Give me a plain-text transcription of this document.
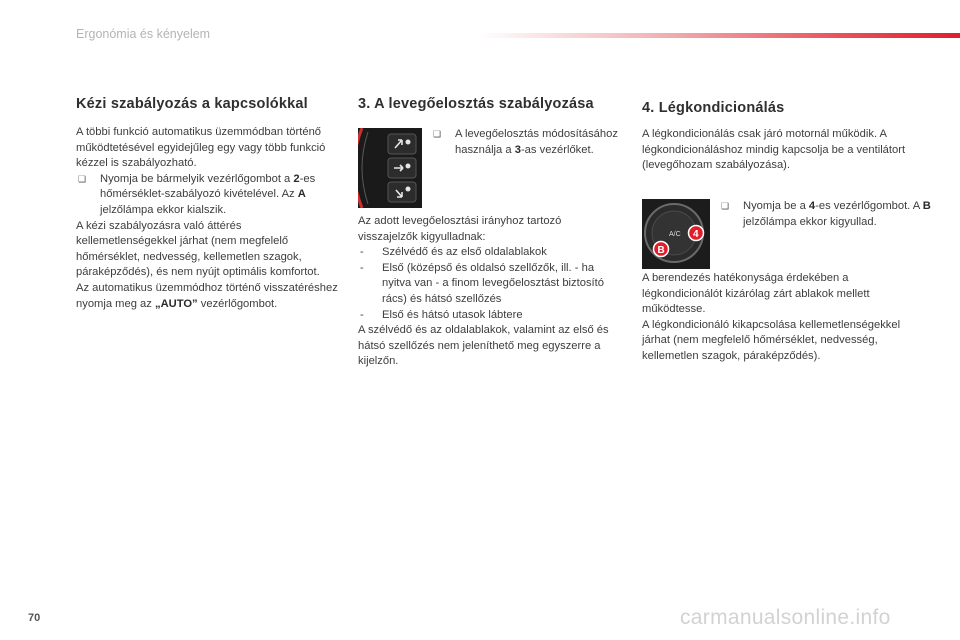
Ergonómia és kényelem
Kézi szabályozás a kapcsolókkal

A többi funkció automatikus üzemmódban történő működtetésével egyidejűleg egy vagy több funkció kézzel is szabályozható.

❏ Nyomja be bármelyik vezérlőgombot a 2-es hőmérséklet-szabályozó kivételével. Az A jelzőlámpa ekkor kialszik.

A kézi szabályozásra való áttérés kellemetlenségekkel járhat (nem megfelelő hőmérséklet, nedvesség, kellemetlen szagok, páraképződés), és nem nyújt optimális komfortot.

Az automatikus üzemmódhoz történő visszatéréshez nyomja meg az „AUTO” vezérlőgombot.

3. A levegőelosztás szabályozása
❏ A levegőelosztás módosításához használja a 3-as vezérlőket.

Az adott levegőelosztási irányhoz tartozó visszajelzők kigyulladnak:

- Szélvédő és az első oldalablakok

- Első (középső és oldalsó szellőzők, ill. - ha nyitva van - a finom levegőelosztást biztosító rács) és hátsó szellőzés

- Első és hátsó utasok lábtere

A szélvédő és az oldalablakok, valamint az első és hátsó szellőzés nem jeleníthető meg egyszerre a kijelzőn.

4. Légkondicionálás

A légkondicionálás csak járó motornál működik. A légkondicionáláshoz mindig kapcsolja be a ventilátort (levegőhozam szabályozása).

A/C
B
4
❏ Nyomja be a 4-es vezérlőgombot. A B jelzőlámpa ekkor kigyullad.

A berendezés hatékonysága érdekében a légkondicionálót kizárólag zárt ablakok mellett működtesse.

A légkondicionáló kikapcsolása kellemetlenségekkel járhat (nem megfelelő hőmérséklet, nedvesség, kellemetlen szagok, páraképződés).

70	carmanualsonline.info
